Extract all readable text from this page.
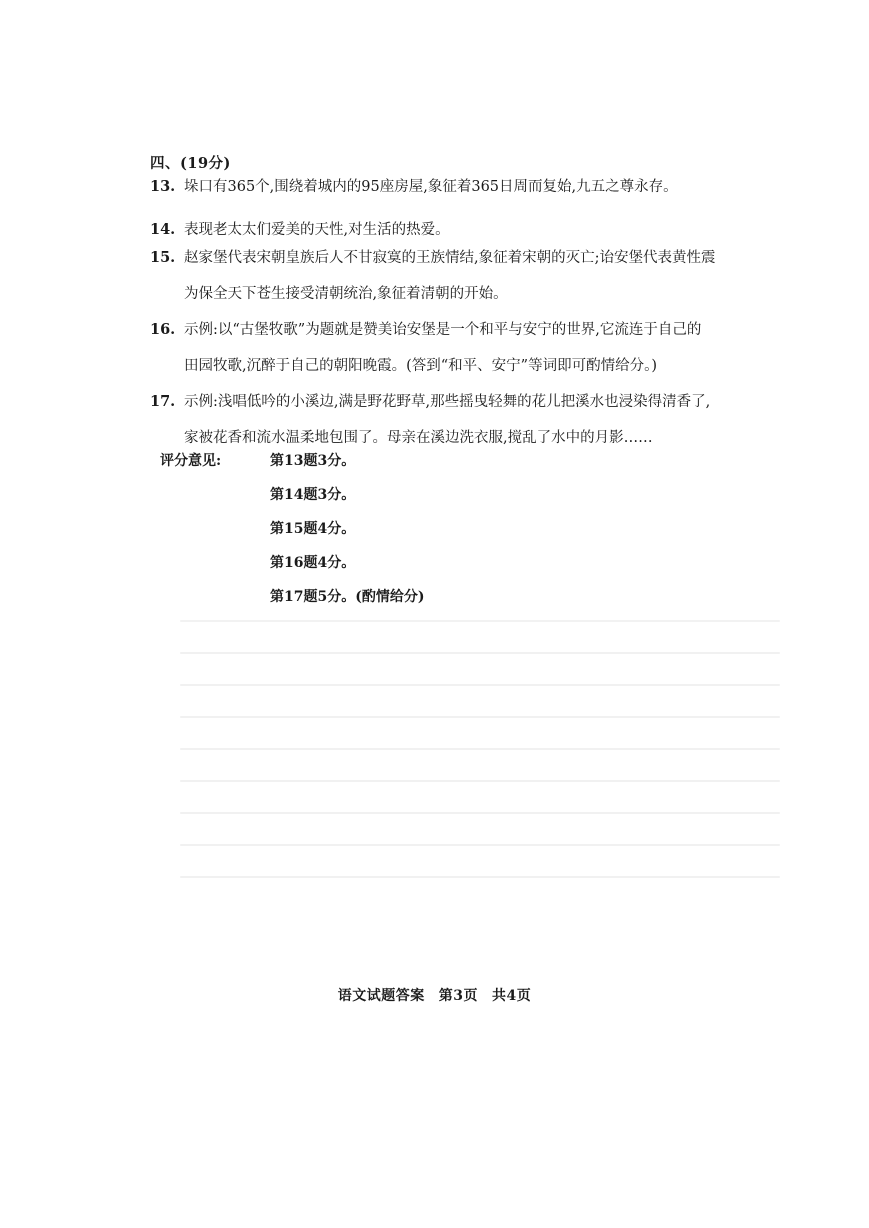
四、(19分)
13. 垛口有365个,围绕着城内的95座房屋,象征着365日周而复始,九五之尊永存。
14. 表现老太太们爱美的天性,对生活的热爱。
15. 赵家堡代表宋朝皇族后人不甘寂寞的王族情结,象征着宋朝的灭亡;诒安堡代表黄性震
为保全天下苍生接受清朝统治,象征着清朝的开始。
16. 示例:以“古堡牧歌”为题就是赞美诒安堡是一个和平与安宁的世界,它流连于自己的
田园牧歌,沉醉于自己的朝阳晚霞。(答到“和平、安宁”等词即可酌情给分。)
17. 示例:浅唱低吟的小溪边,满是野花野草,那些摇曳轻舞的花儿把溪水也浸染得清香了,
家被花香和流水温柔地包围了。母亲在溪边洗衣服,搅乱了水中的月影……
评分意见:	第13题3分。
第14题3分。
第15题4分。
第16题4分。
第17题5分。(酌情给分)
语文试题答案 第3页 共4页
